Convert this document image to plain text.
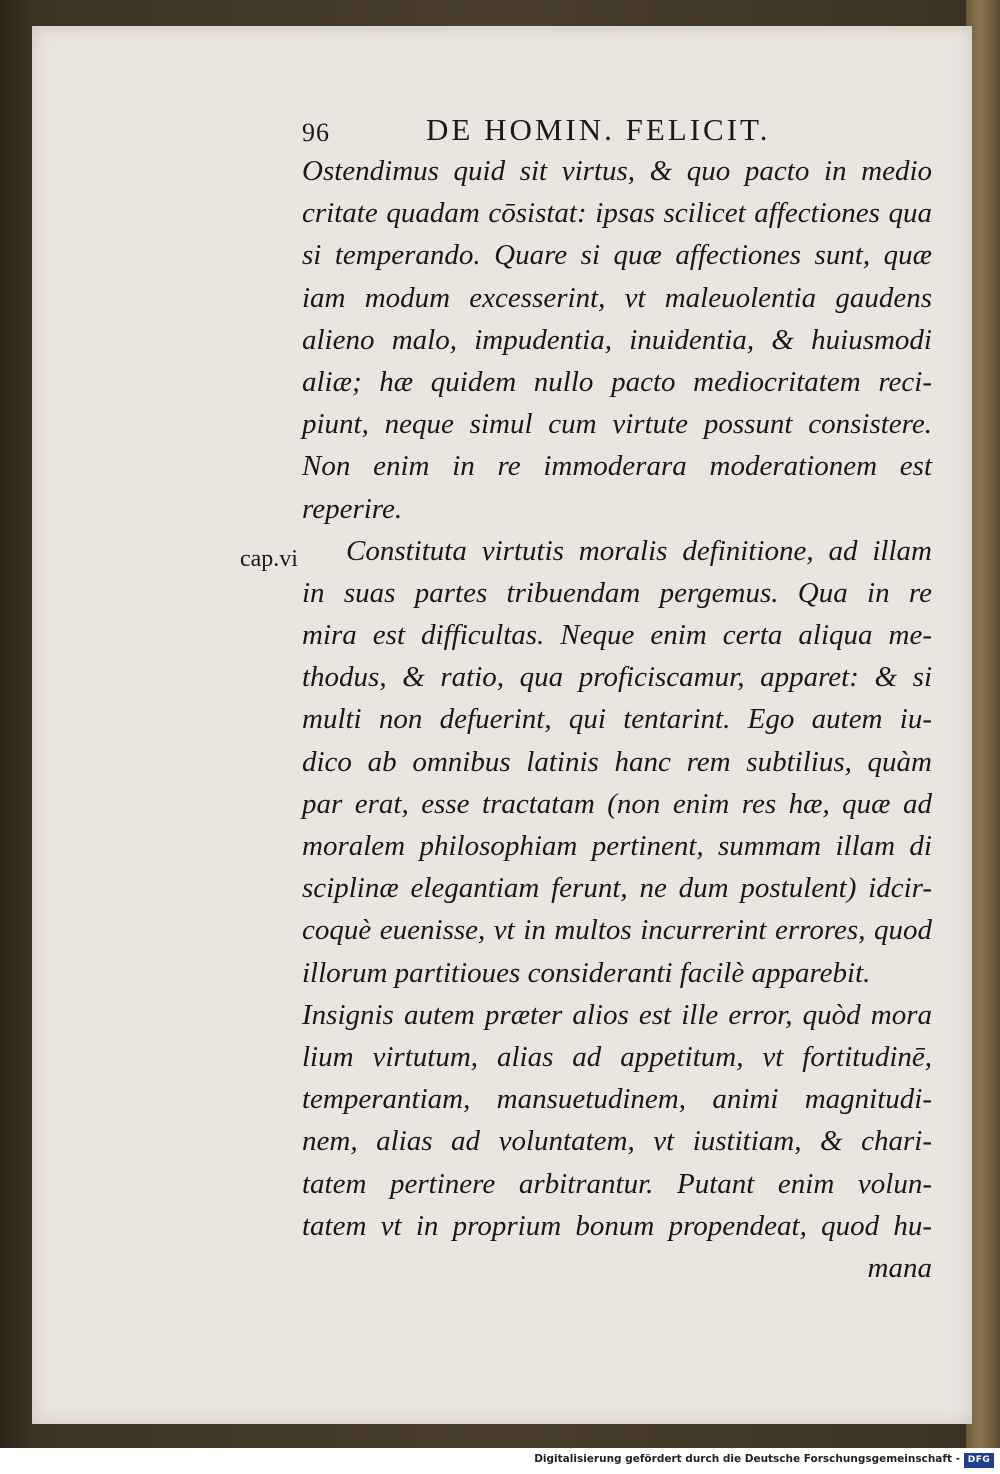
96	DE HOMIN. FELICIT.
cap.vi
Ostendimus quid sit virtus, & quo pacto in medio
critate quadam cōsistat: ipsas scilicet affectiones qua
si temperando. Quare si quæ affectiones sunt, quæ
iam modum excesserint, vt maleuolentia gaudens
alieno malo, impudentia, inuidentia, & huiusmodi
aliæ; hæ quidem nullo pacto mediocritatem reci-
piunt, neque simul cum virtute possunt consistere.
Non enim in re immoderara moderationem est
reperire.
Constituta virtutis moralis definitione, ad illam
in suas partes tribuendam pergemus. Qua in re
mira est difficultas. Neque enim certa aliqua me-
thodus, & ratio, qua proficiscamur, apparet: & si
multi non defuerint, qui tentarint. Ego autem iu-
dico ab omnibus latinis hanc rem subtilius, quàm
par erat, esse tractatam (non enim res hæ, quæ ad
moralem philosophiam pertinent, summam illam di
sciplinæ elegantiam ferunt, ne dum postulent) idcir-
coquè euenisse, vt in multos incurrerint errores, quod
illorum partitioues consideranti facilè apparebit.
Insignis autem præter alios est ille error, quòd mora
lium virtutum, alias ad appetitum, vt fortitudinē,
temperantiam, mansuetudinem, animi magnitudi-
nem, alias ad voluntatem, vt iustitiam, & chari-
tatem pertinere arbitrantur. Putant enim volun-
tatem vt in proprium bonum propendeat, quod hu-
mana
Digitalisierung gefördert durch die Deutsche Forschungsgemeinschaft - DFG
